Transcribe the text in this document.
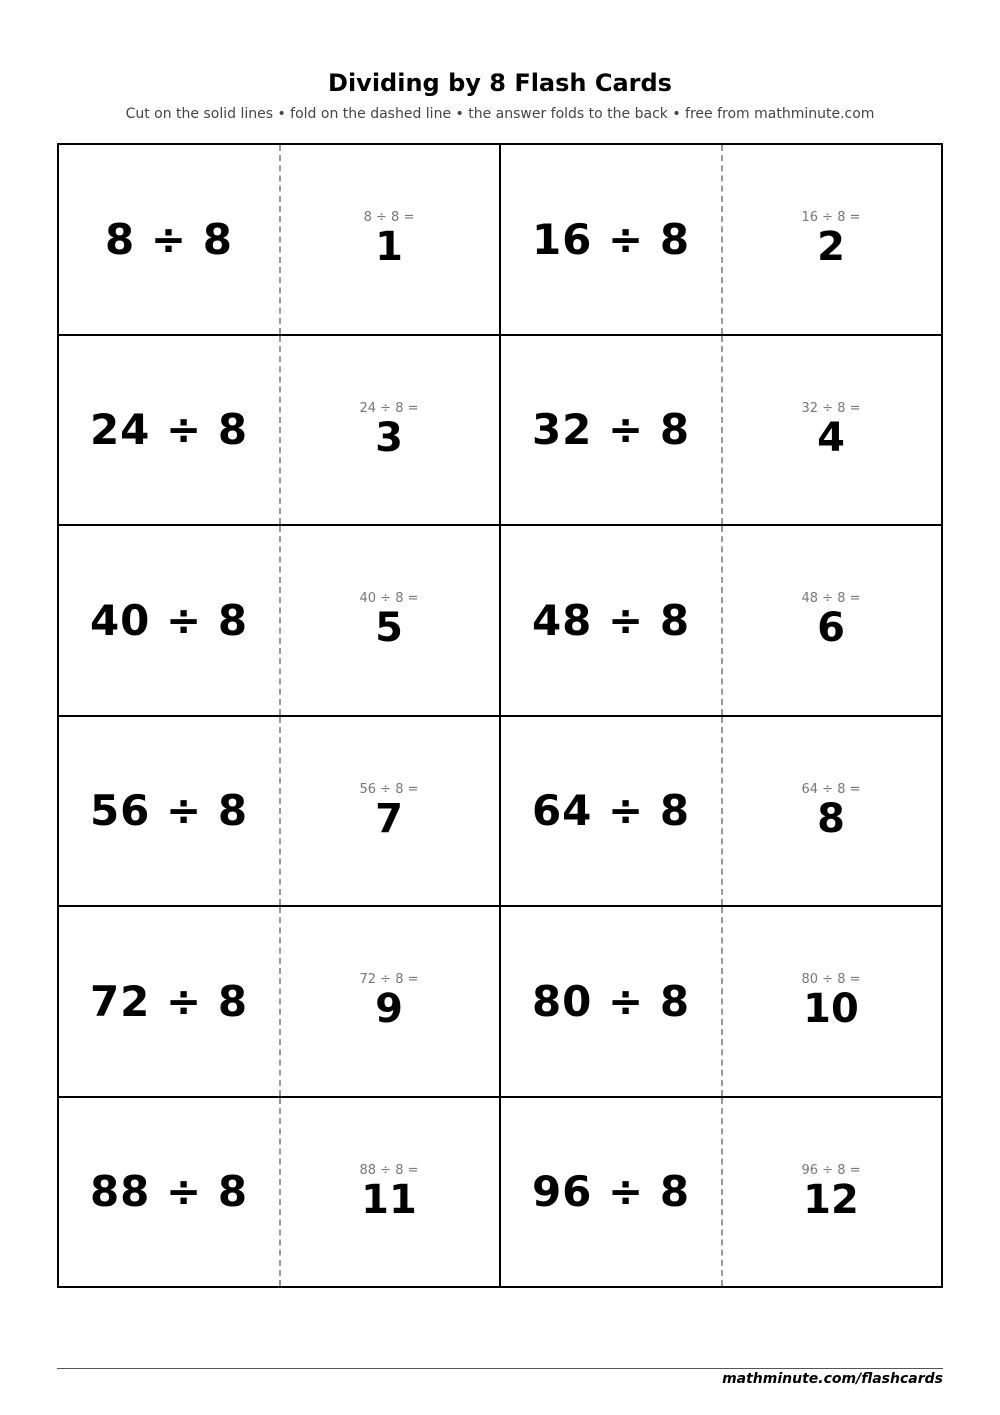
Dividing by 8 Flash Cards
Cut on the solid lines • fold on the dashed line • the answer folds to the back • free from mathminute.com
8 ÷ 8	8 ÷ 8 =
1	16 ÷ 8	16 ÷ 8 =
2
24 ÷ 8	24 ÷ 8 =
3	32 ÷ 8	32 ÷ 8 =
4
40 ÷ 8	40 ÷ 8 =
5	48 ÷ 8	48 ÷ 8 =
6
56 ÷ 8	56 ÷ 8 =
7	64 ÷ 8	64 ÷ 8 =
8
72 ÷ 8	72 ÷ 8 =
9	80 ÷ 8	80 ÷ 8 =
10
88 ÷ 8	88 ÷ 8 =
11	96 ÷ 8	96 ÷ 8 =
12
mathminute.com/flashcards
